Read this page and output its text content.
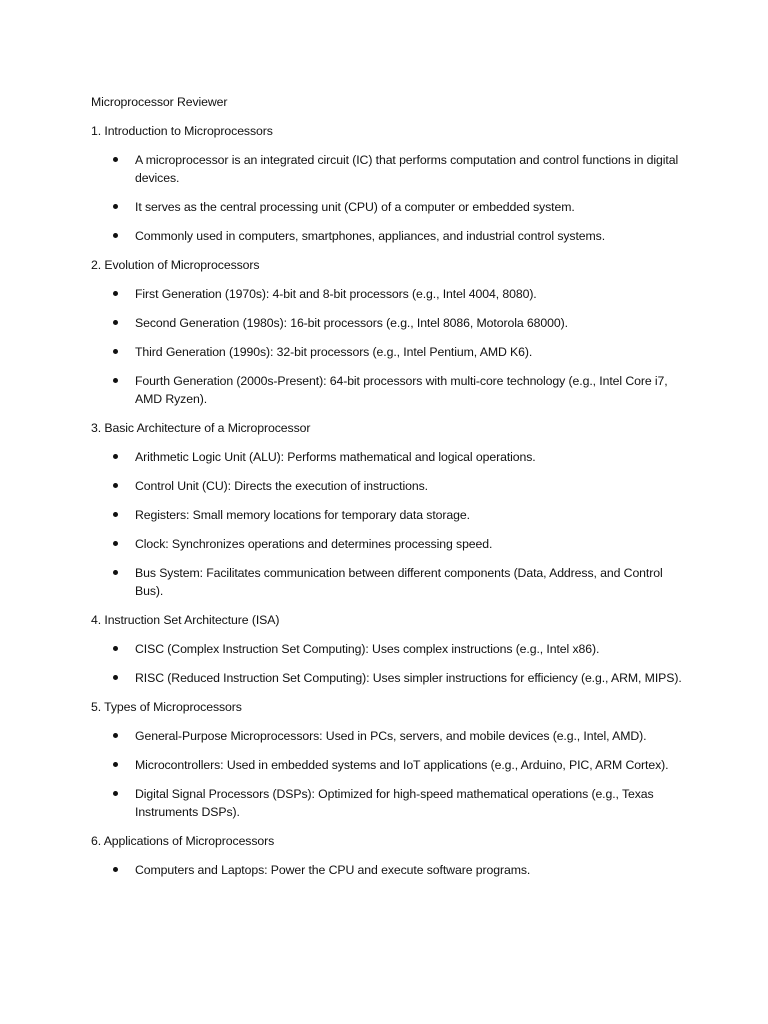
Microprocessor Reviewer

1. Introduction to Microprocessors

A microprocessor is an integrated circuit (IC) that performs computation and control functions in digital devices.
It serves as the central processing unit (CPU) of a computer or embedded system.
Commonly used in computers, smartphones, appliances, and industrial control systems.

2. Evolution of Microprocessors

First Generation (1970s): 4-bit and 8-bit processors (e.g., Intel 4004, 8080).
Second Generation (1980s): 16-bit processors (e.g., Intel 8086, Motorola 68000).
Third Generation (1990s): 32-bit processors (e.g., Intel Pentium, AMD K6).
Fourth Generation (2000s-Present): 64-bit processors with multi-core technology (e.g., Intel Core i7, AMD Ryzen).

3. Basic Architecture of a Microprocessor

Arithmetic Logic Unit (ALU): Performs mathematical and logical operations.
Control Unit (CU): Directs the execution of instructions.
Registers: Small memory locations for temporary data storage.
Clock: Synchronizes operations and determines processing speed.
Bus System: Facilitates communication between different components (Data, Address, and Control Bus).

4. Instruction Set Architecture (ISA)

CISC (Complex Instruction Set Computing): Uses complex instructions (e.g., Intel x86).
RISC (Reduced Instruction Set Computing): Uses simpler instructions for efficiency (e.g., ARM, MIPS).

5. Types of Microprocessors

General-Purpose Microprocessors: Used in PCs, servers, and mobile devices (e.g., Intel, AMD).
Microcontrollers: Used in embedded systems and IoT applications (e.g., Arduino, PIC, ARM Cortex).
Digital Signal Processors (DSPs): Optimized for high-speed mathematical operations (e.g., Texas Instruments DSPs).

6. Applications of Microprocessors

Computers and Laptops: Power the CPU and execute software programs.
